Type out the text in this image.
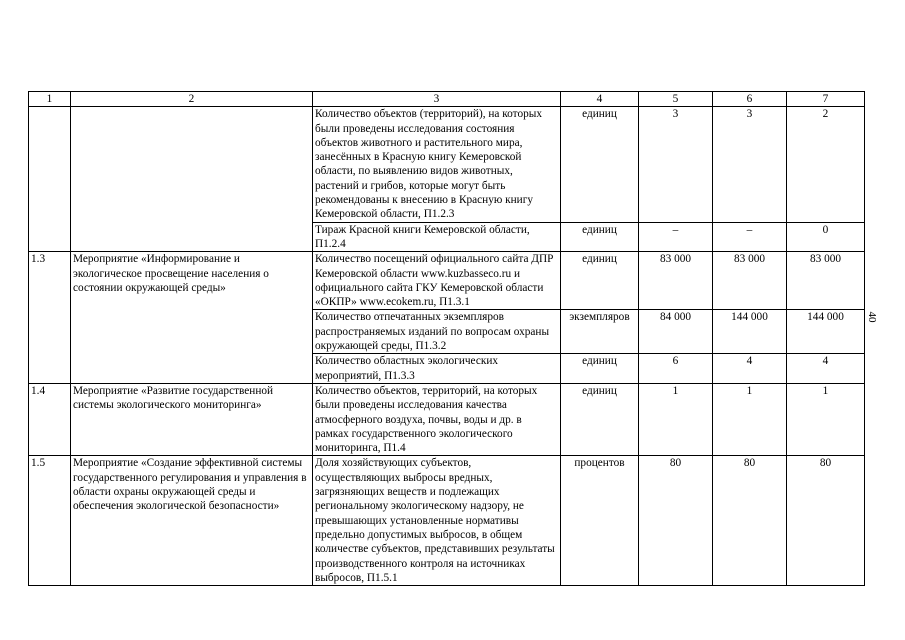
1	2	3	4	5	6	7
		Количество объектов (территорий), на которых были проведены исследования состояния объектов животного и растительного мира, занесённых в Красную книгу Кемеровской области, по выявлению видов животных, растений и грибов, которые могут быть рекомендованы к внесению в Красную книгу Кемеровской области, П1.2.3	единиц	3	3	2
		Тираж Красной книги Кемеровской области, П1.2.4	единиц	–	–	0
1.3	Мероприятие «Информирование и экологическое просвещение населения о состоянии окружающей среды»	Количество посещений официального сайта ДПР Кемеровской области www.kuzbasseco.ru и официального сайта ГКУ Кемеровской области «ОКПР» www.ecokem.ru, П1.3.1	единиц	83 000	83 000	83 000
		Количество отпечатанных экземпляров распространяемых изданий по вопросам охраны окружающей среды, П1.3.2	экземпляров	84 000	144 000	144 000
		Количество областных экологических мероприятий, П1.3.3	единиц	6	4	4
1.4	Мероприятие «Развитие государственной системы экологического мониторинга»	Количество объектов, территорий, на которых были проведены исследования качества атмосферного воздуха, почвы, воды и др. в рамках государственного экологического мониторинга, П1.4	единиц	1	1	1
1.5	Мероприятие «Создание эффективной системы государственного регулирования и управления в области охраны окружающей среды и обеспечения экологической безопасности»	Доля хозяйствующих субъектов, осуществляющих выбросы вредных, загрязняющих веществ и подлежащих региональному экологическому надзору, не превышающих установленные нормативы предельно допустимых выбросов, в общем количестве субъектов, представивших результаты производственного контроля на источниках выбросов, П1.5.1	процентов	80	80	80
40
